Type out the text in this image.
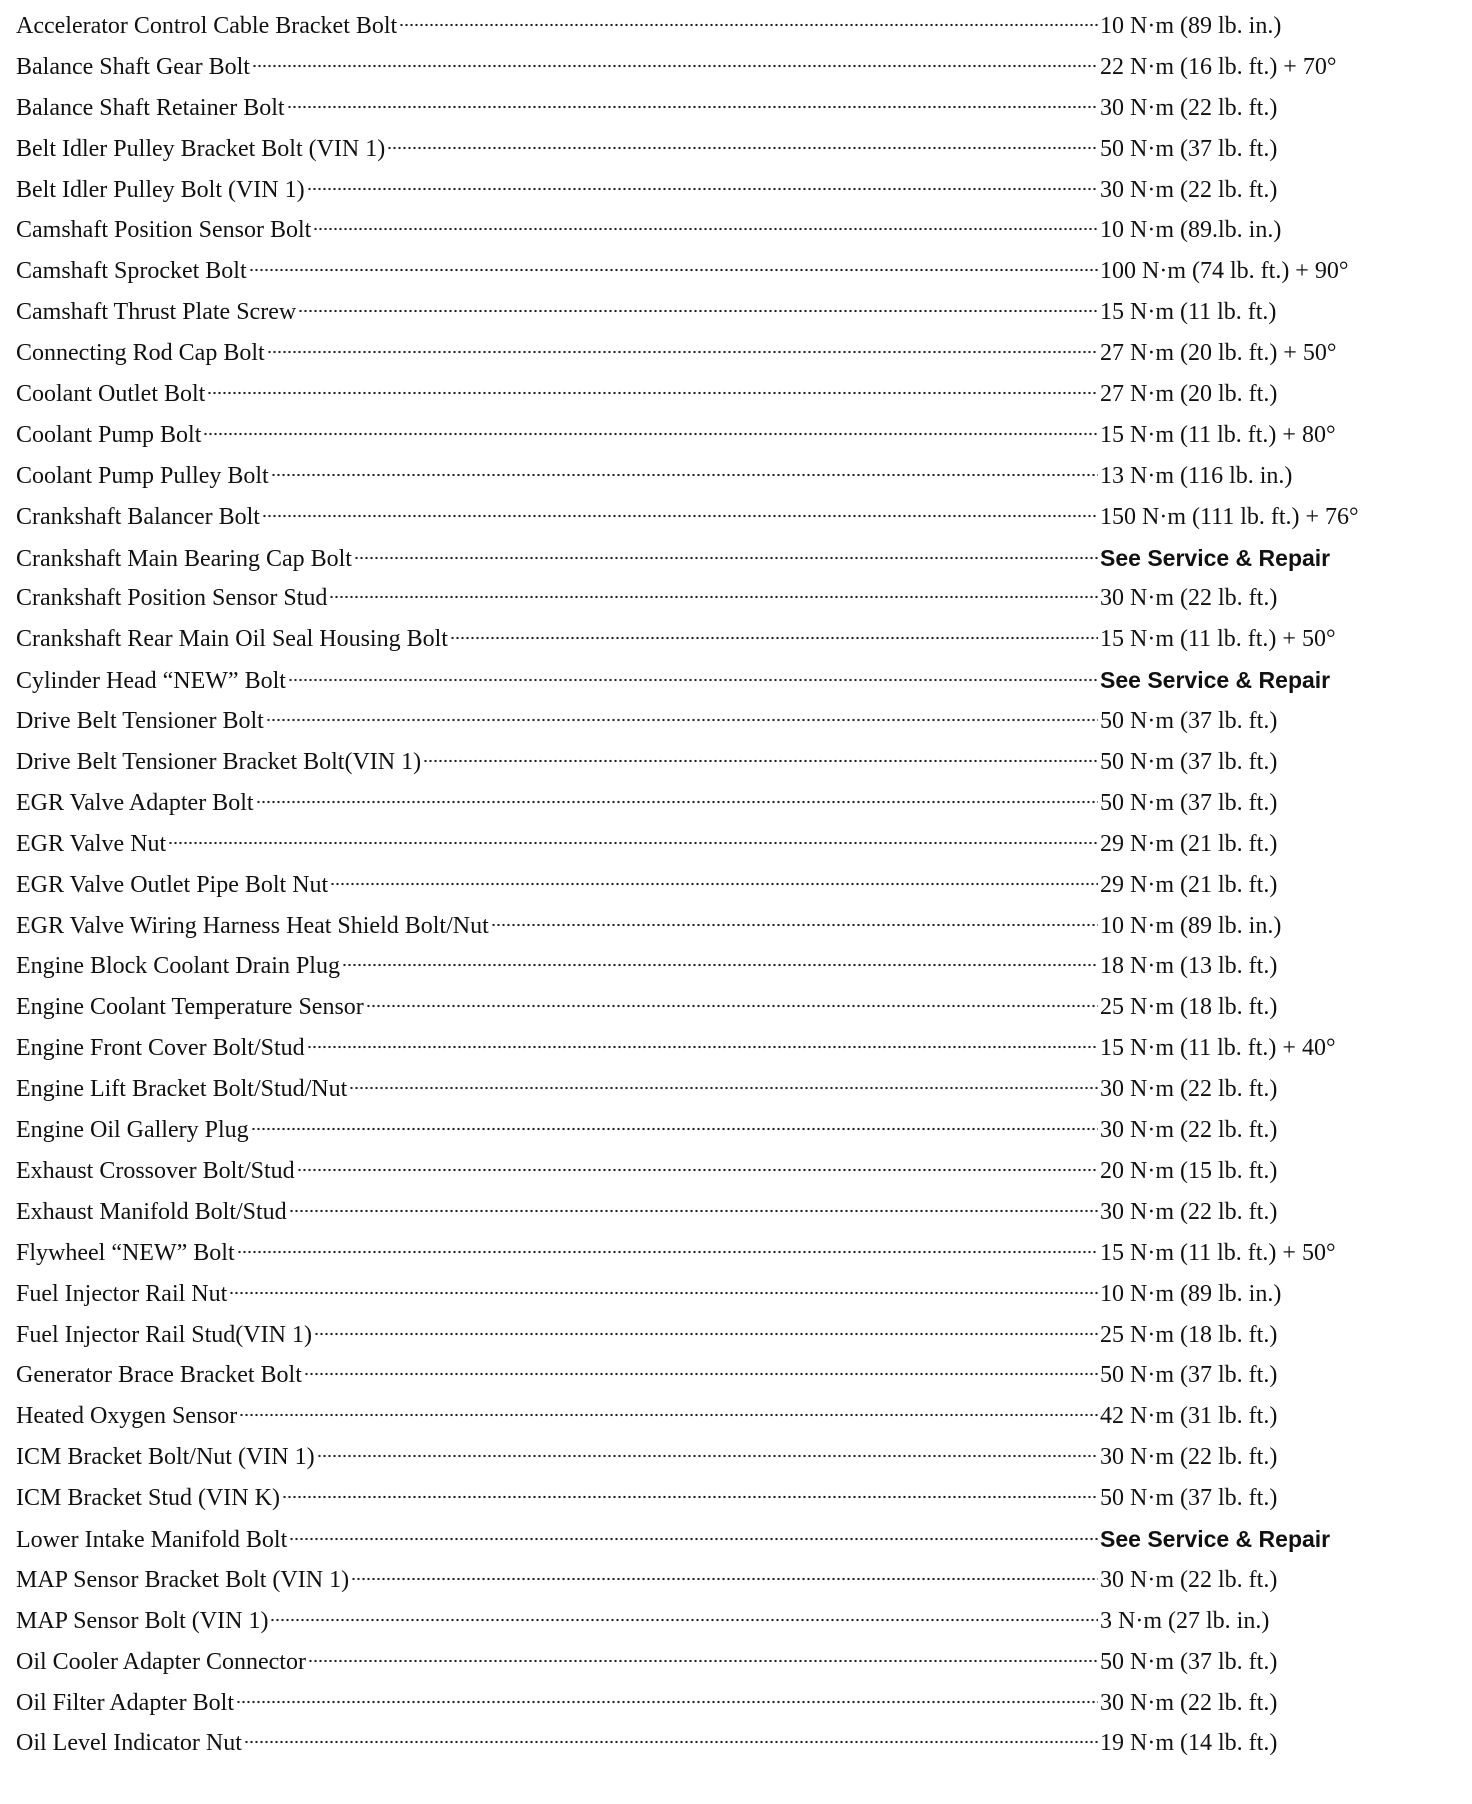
Accelerator Control Cable Bracket Bolt	10 N·m (89 lb. in.)
Balance Shaft Gear Bolt	22 N·m (16 lb. ft.) + 70°
Balance Shaft Retainer Bolt	30 N·m (22 lb. ft.)
Belt Idler Pulley Bracket Bolt (VIN 1)	50 N·m (37 lb. ft.)
Belt Idler Pulley Bolt (VIN 1)	30 N·m (22 lb. ft.)
Camshaft Position Sensor Bolt	10 N·m (89.lb. in.)
Camshaft Sprocket Bolt	100 N·m (74 lb. ft.) + 90°
Camshaft Thrust Plate Screw	15 N·m (11 lb. ft.)
Connecting Rod Cap Bolt	27 N·m (20 lb. ft.) + 50°
Coolant Outlet Bolt	27 N·m (20 lb. ft.)
Coolant Pump Bolt	15 N·m (11 lb. ft.) + 80°
Coolant Pump Pulley Bolt	13 N·m (116 lb. in.)
Crankshaft Balancer Bolt	150 N·m (111 lb. ft.) + 76°
Crankshaft Main Bearing Cap Bolt	See Service & Repair
Crankshaft Position Sensor Stud	30 N·m (22 lb. ft.)
Crankshaft Rear Main Oil Seal Housing Bolt	15 N·m (11 lb. ft.) + 50°
Cylinder Head “NEW” Bolt	See Service & Repair
Drive Belt Tensioner Bolt	50 N·m (37 lb. ft.)
Drive Belt Tensioner Bracket Bolt(VIN 1)	50 N·m (37 lb. ft.)
EGR Valve Adapter Bolt	50 N·m (37 lb. ft.)
EGR Valve Nut	29 N·m (21 lb. ft.)
EGR Valve Outlet Pipe Bolt Nut	29 N·m (21 lb. ft.)
EGR Valve Wiring Harness Heat Shield Bolt/Nut	10 N·m (89 lb. in.)
Engine Block Coolant Drain Plug	18 N·m (13 lb. ft.)
Engine Coolant Temperature Sensor	25 N·m (18 lb. ft.)
Engine Front Cover Bolt/Stud	15 N·m (11 lb. ft.) + 40°
Engine Lift Bracket Bolt/Stud/Nut	30 N·m (22 lb. ft.)
Engine Oil Gallery Plug	30 N·m (22 lb. ft.)
Exhaust Crossover Bolt/Stud	20 N·m (15 lb. ft.)
Exhaust Manifold Bolt/Stud	30 N·m (22 lb. ft.)
Flywheel “NEW” Bolt	15 N·m (11 lb. ft.) + 50°
Fuel Injector Rail Nut	10 N·m (89 lb. in.)
Fuel Injector Rail Stud(VIN 1)	25 N·m (18 lb. ft.)
Generator Brace Bracket Bolt	50 N·m (37 lb. ft.)
Heated Oxygen Sensor	42 N·m (31 lb. ft.)
ICM Bracket Bolt/Nut (VIN 1)	30 N·m (22 lb. ft.)
ICM Bracket Stud (VIN K)	50 N·m (37 lb. ft.)
Lower Intake Manifold Bolt	See Service & Repair
MAP Sensor Bracket Bolt (VIN 1)	30 N·m (22 lb. ft.)
MAP Sensor Bolt (VIN 1)	3 N·m (27 lb. in.)
Oil Cooler Adapter Connector	50 N·m (37 lb. ft.)
Oil Filter Adapter Bolt	30 N·m (22 lb. ft.)
Oil Level Indicator Nut	19 N·m (14 lb. ft.)
